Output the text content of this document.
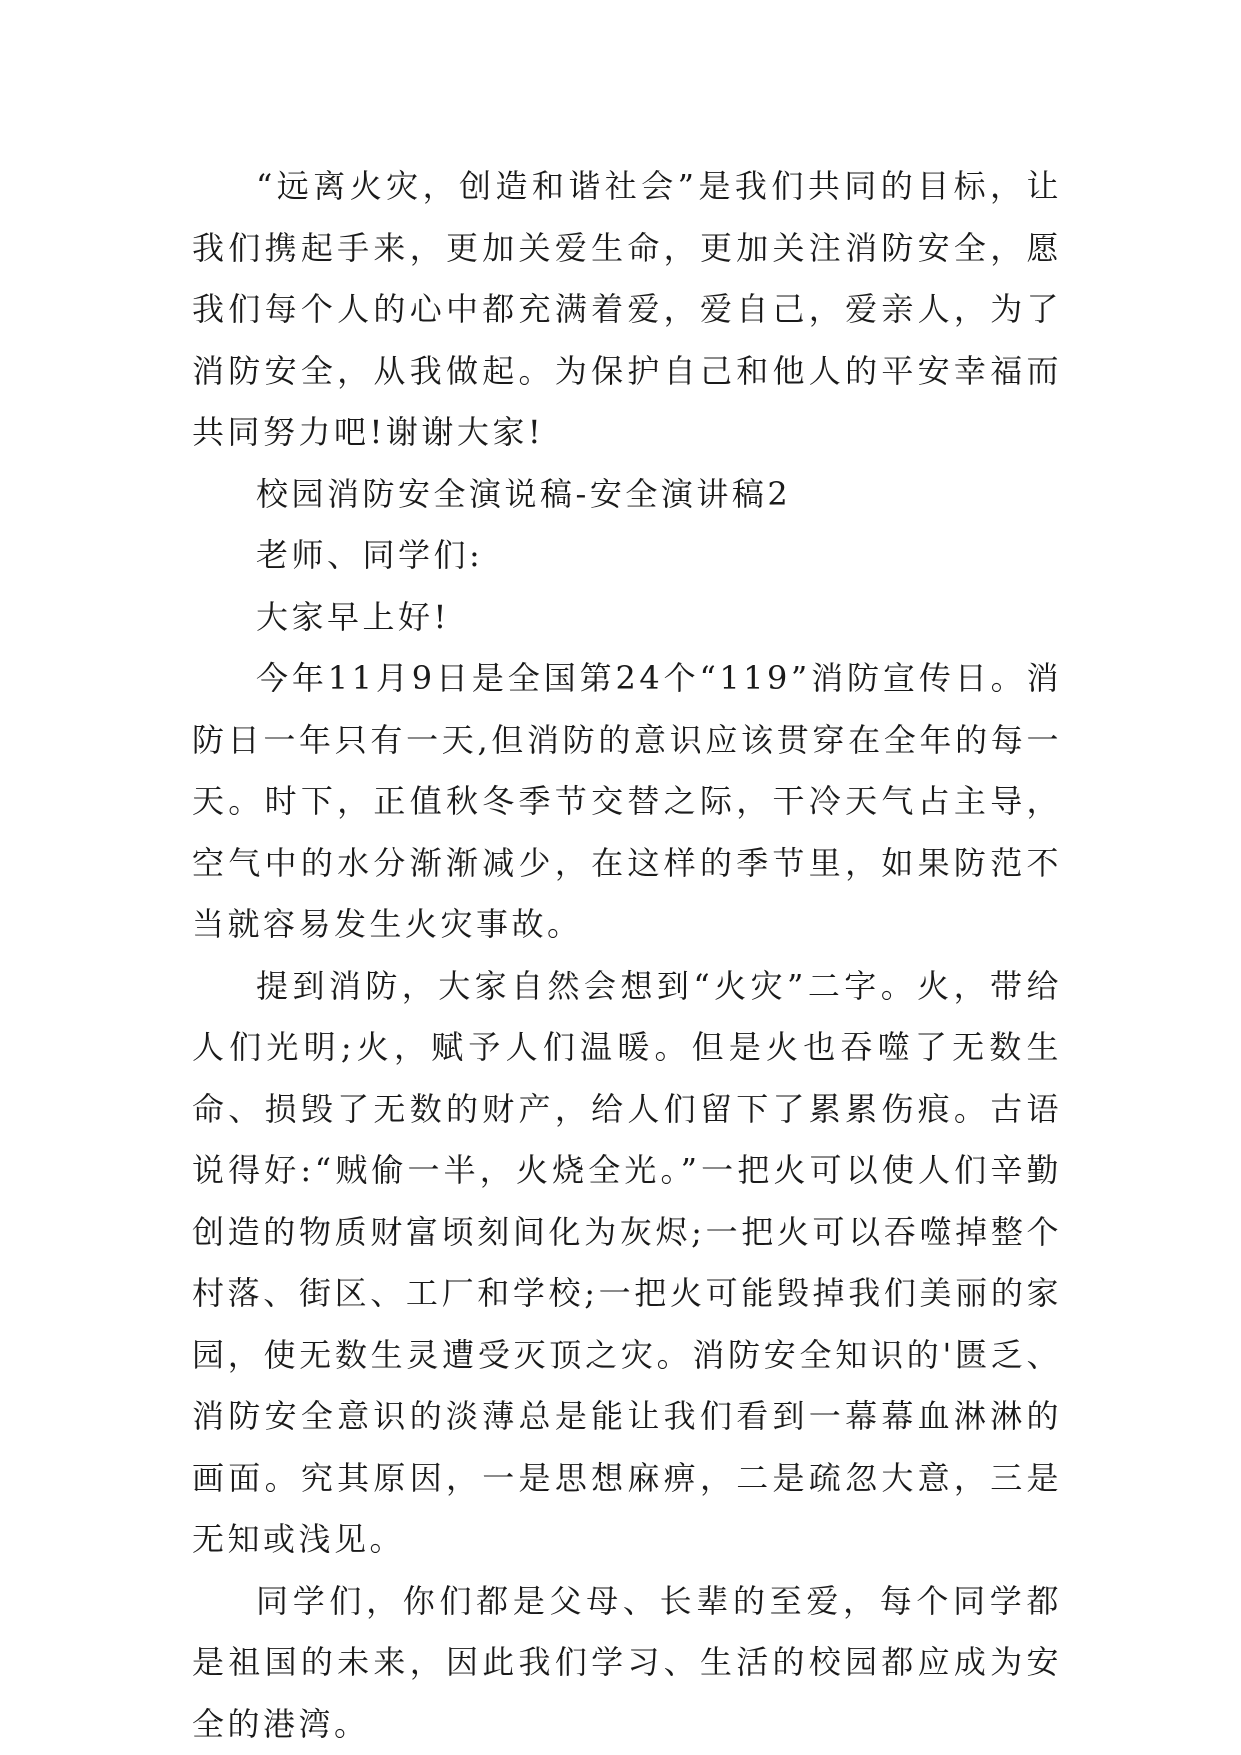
“远离火灾，创造和谐社会”是我们共同的目标，让我们携起手来，更加关爱生命，更加关注消防安全，愿我们每个人的心中都充满着爱，爱自己，爱亲人，为了消防安全，从我做起。为保护自己和他人的平安幸福而共同努力吧!谢谢大家!

校园消防安全演说稿-安全演讲稿2

老师、同学们:

大家早上好!

今年11月9日是全国第24个“119”消防宣传日。消防日一年只有一天,但消防的意识应该贯穿在全年的每一天。时下，正值秋冬季节交替之际，干冷天气占主导，空气中的水分渐渐减少，在这样的季节里，如果防范不当就容易发生火灾事故。

提到消防，大家自然会想到“火灾”二字。火，带给人们光明;火，赋予人们温暖。但是火也吞噬了无数生命、损毁了无数的财产，给人们留下了累累伤痕。古语说得好:“贼偷一半，火烧全光。”一把火可以使人们辛勤创造的物质财富顷刻间化为灰烬;一把火可以吞噬掉整个村落、街区、工厂和学校;一把火可能毁掉我们美丽的家园，使无数生灵遭受灭顶之灾。消防安全知识的'匮乏、消防安全意识的淡薄总是能让我们看到一幕幕血淋淋的画面。究其原因，一是思想麻痹，二是疏忽大意，三是无知或浅见。

同学们，你们都是父母、长辈的至爱，每个同学都是祖国的未来，因此我们学习、生活的校园都应成为安全的港湾。
